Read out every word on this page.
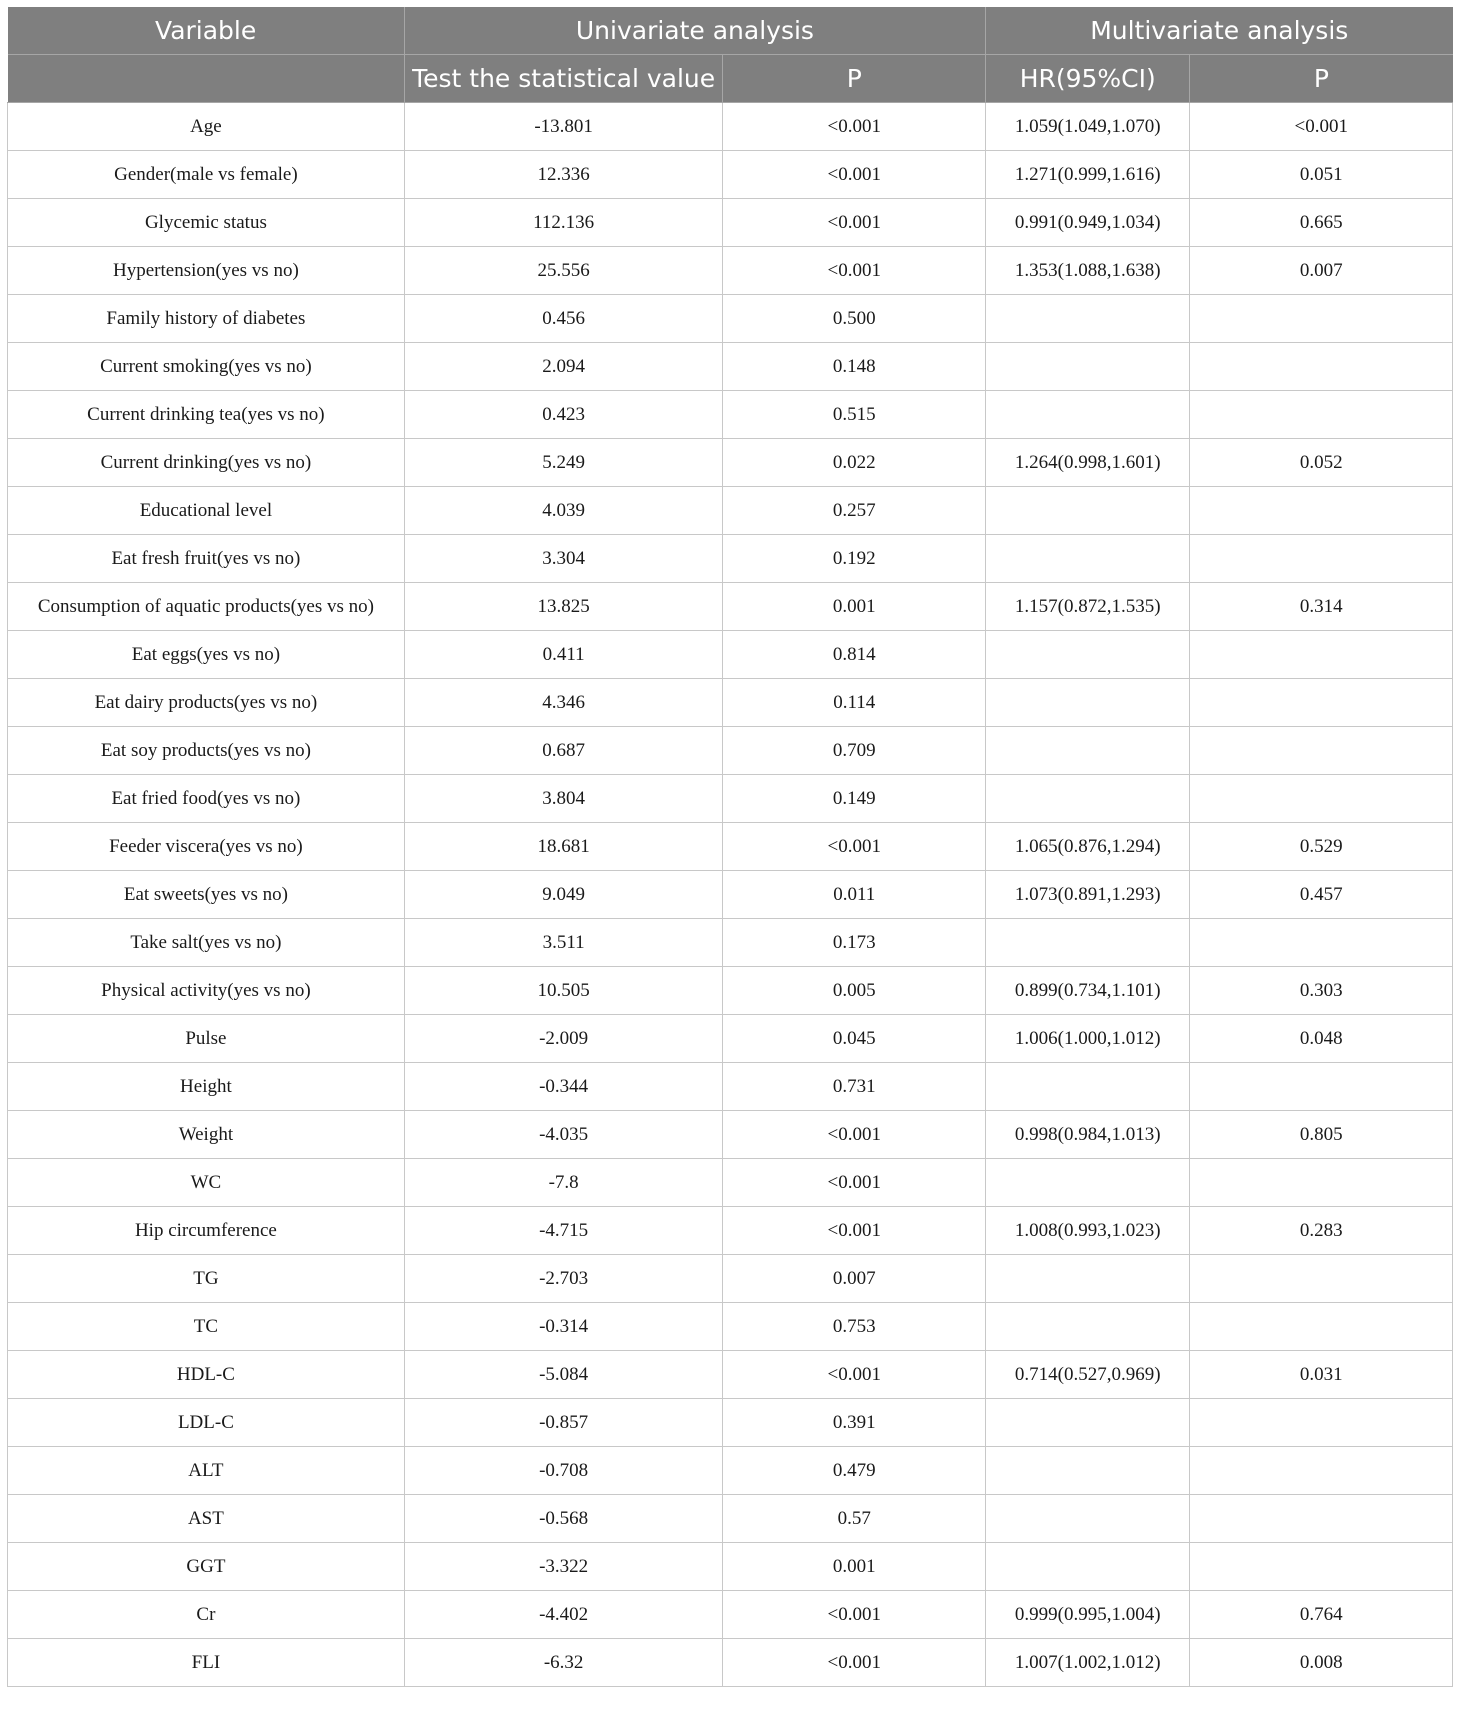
Variable	Univariate analysis		Multivariate analysis	
	Test the statistical value	P	HR(95%CI)	P
Age	-13.801	<0.001	1.059(1.049,1.070)	<0.001
Gender(male vs female)	12.336	<0.001	1.271(0.999,1.616)	0.051
Glycemic status	112.136	<0.001	0.991(0.949,1.034)	0.665
Hypertension(yes vs no)	25.556	<0.001	1.353(1.088,1.638)	0.007
Family history of diabetes	0.456	0.500		
Current smoking(yes vs no)	2.094	0.148		
Current drinking tea(yes vs no)	0.423	0.515		
Current drinking(yes vs no)	5.249	0.022	1.264(0.998,1.601)	0.052
Educational level	4.039	0.257		
Eat fresh fruit(yes vs no)	3.304	0.192		
Consumption of aquatic products(yes vs no)	13.825	0.001	1.157(0.872,1.535)	0.314
Eat eggs(yes vs no)	0.411	0.814		
Eat dairy products(yes vs no)	4.346	0.114		
Eat soy products(yes vs no)	0.687	0.709		
Eat fried food(yes vs no)	3.804	0.149		
Feeder viscera(yes vs no)	18.681	<0.001	1.065(0.876,1.294)	0.529
Eat sweets(yes vs no)	9.049	0.011	1.073(0.891,1.293)	0.457
Take salt(yes vs no)	3.511	0.173		
Physical activity(yes vs no)	10.505	0.005	0.899(0.734,1.101)	0.303
Pulse	-2.009	0.045	1.006(1.000,1.012)	0.048
Height	-0.344	0.731		
Weight	-4.035	<0.001	0.998(0.984,1.013)	0.805
WC	-7.8	<0.001		
Hip circumference	-4.715	<0.001	1.008(0.993,1.023)	0.283
TG	-2.703	0.007		
TC	-0.314	0.753		
HDL-C	-5.084	<0.001	0.714(0.527,0.969)	0.031
LDL-C	-0.857	0.391		
ALT	-0.708	0.479		
AST	-0.568	0.57		
GGT	-3.322	0.001		
Cr	-4.402	<0.001	0.999(0.995,1.004)	0.764
FLI	-6.32	<0.001	1.007(1.002,1.012)	0.008
